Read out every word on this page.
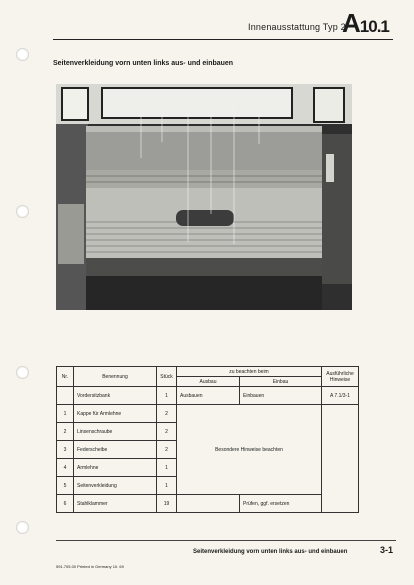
Innenausstattung Typ 2
A10.1
Seitenverkleidung vorn unten links aus- und einbauen
6	5	4	3	2	1
Nr.	Benennung	Stück	zu beachten beim		Ausführliche Hinweise
			Ausbau	Einbau	
	Vordersitzbank	1	Ausbauen	Einbauen	A 7.1/3-1
1	Kappe für Armlehne	2	Besondere Hinweise beachten		
2	Linsenschraube	2			
3	Federscheibe	2			
4	Armlehne	1			
5	Seitenverkleidung	1			
6	Stahlklammer	19		Prüfen, ggf. ersetzen	
Seitenverkleidung vorn unten links aus- und einbauen	3-1
591.705.00 Printed in Germany 10. 69
